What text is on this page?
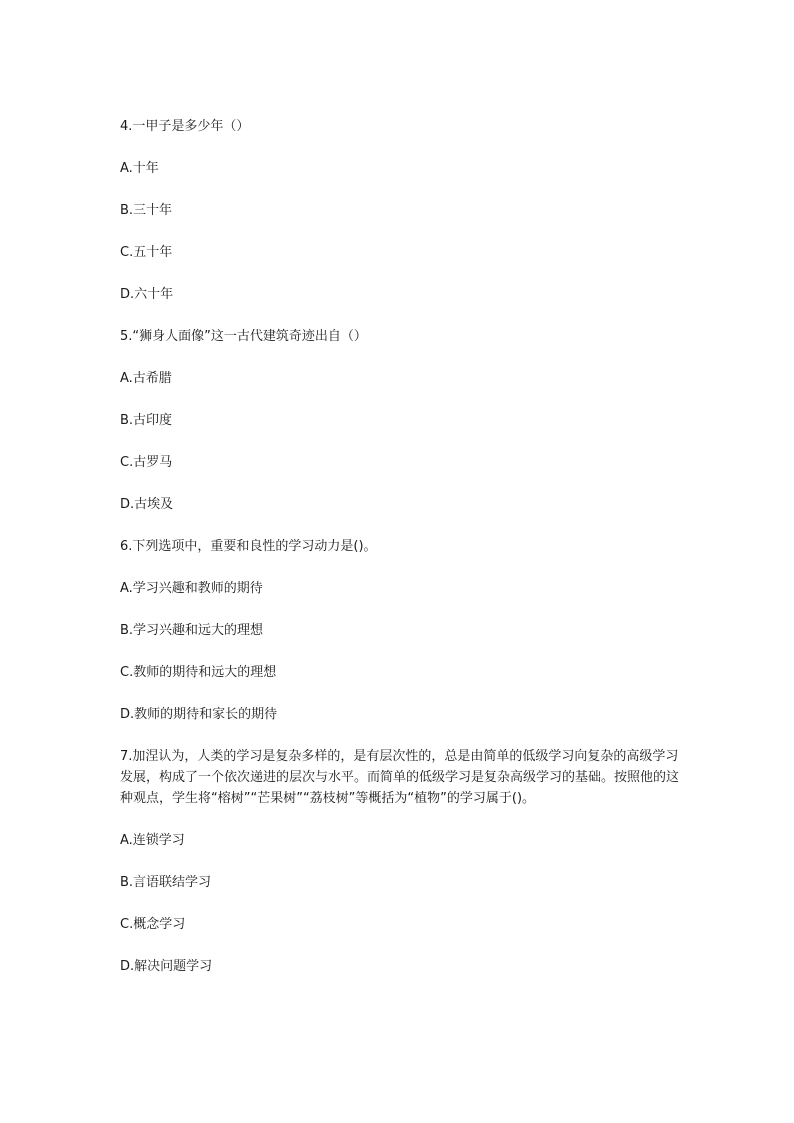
4.一甲子是多少年（）
A.十年
B.三十年
C.五十年
D.六十年
5.“狮身人面像”这一古代建筑奇迹出自（）
A.古希腊
B.古印度
C.古罗马
D.古埃及
6.下列选项中，重要和良性的学习动力是()。
A.学习兴趣和教师的期待
B.学习兴趣和远大的理想
C.教师的期待和远大的理想
D.教师的期待和家长的期待
7.加涅认为，人类的学习是复杂多样的，是有层次性的，总是由简单的低级学习向复杂的高级学习发展，构成了一个依次递进的层次与水平。而简单的低级学习是复杂高级学习的基础。按照他的这种观点，学生将“榕树”“芒果树”“荔枝树”等概括为“植物”的学习属于()。
A.连锁学习
B.言语联结学习
C.概念学习
D.解决问题学习
